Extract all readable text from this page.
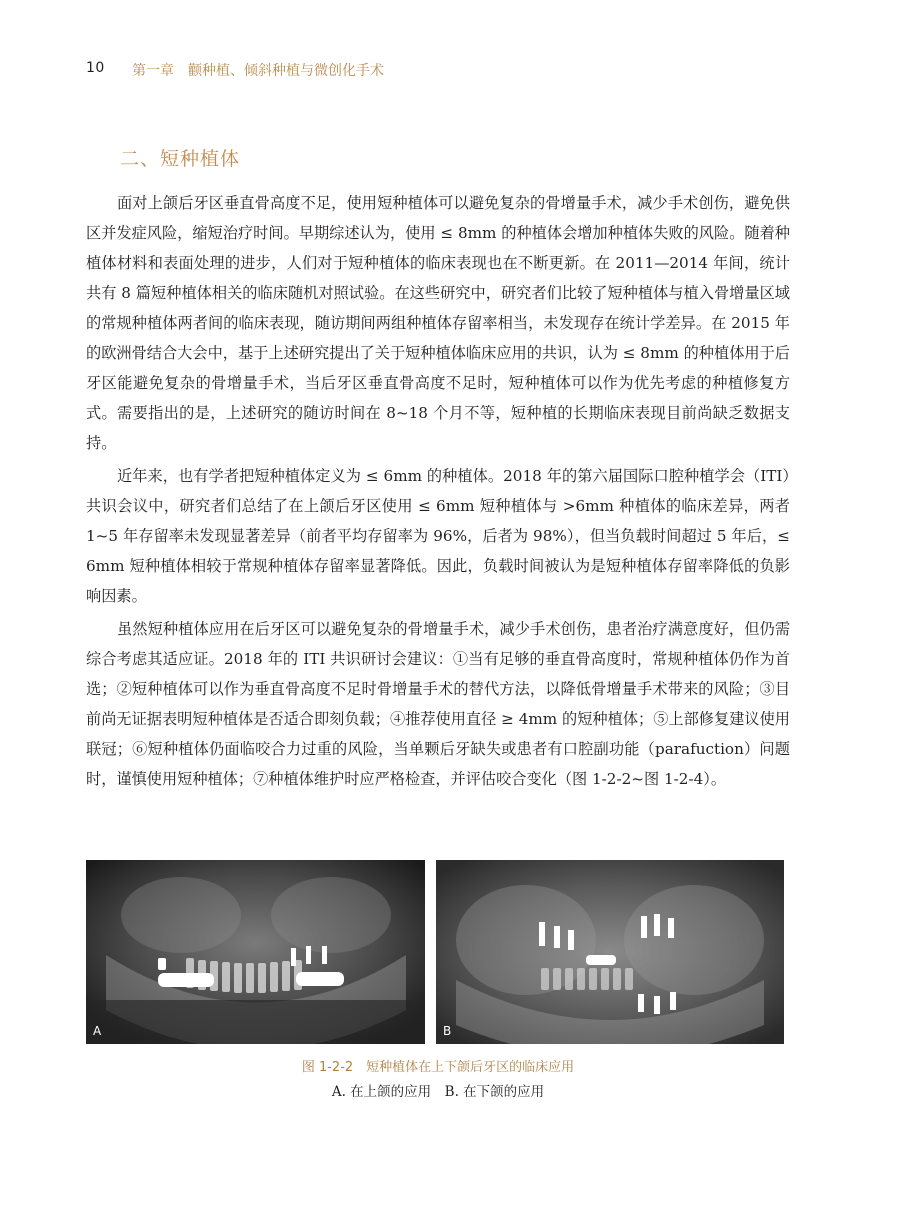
10 第一章　颧种植、倾斜种植与微创化手术
二、短种植体

面对上颌后牙区垂直骨高度不足，使用短种植体可以避免复杂的骨增量手术，减少手术创伤，避免供区并发症风险，缩短治疗时间。早期综述认为，使用 ≤ 8mm 的种植体会增加种植体失败的风险。随着种植体材料和表面处理的进步，人们对于短种植体的临床表现也在不断更新。在 2011—2014 年间，统计共有 8 篇短种植体相关的临床随机对照试验。在这些研究中，研究者们比较了短种植体与植入骨增量区域的常规种植体两者间的临床表现，随访期间两组种植体存留率相当，未发现存在统计学差异。在 2015 年的欧洲骨结合大会中，基于上述研究提出了关于短种植体临床应用的共识，认为 ≤ 8mm 的种植体用于后牙区能避免复杂的骨增量手术，当后牙区垂直骨高度不足时，短种植体可以作为优先考虑的种植修复方式。需要指出的是，上述研究的随访时间在 8~18 个月不等，短种植的长期临床表现目前尚缺乏数据支持。

近年来，也有学者把短种植体定义为 ≤ 6mm 的种植体。2018 年的第六届国际口腔种植学会（ITI）共识会议中，研究者们总结了在上颌后牙区使用 ≤ 6mm 短种植体与 >6mm 种植体的临床差异，两者 1~5 年存留率未发现显著差异（前者平均存留率为 96%，后者为 98%），但当负载时间超过 5 年后，≤ 6mm 短种植体相较于常规种植体存留率显著降低。因此，负载时间被认为是短种植体存留率降低的负影响因素。

虽然短种植体应用在后牙区可以避免复杂的骨增量手术，减少手术创伤，患者治疗满意度好，但仍需综合考虑其适应证。2018 年的 ITI 共识研讨会建议：①当有足够的垂直骨高度时，常规种植体仍作为首选；②短种植体可以作为垂直骨高度不足时骨增量手术的替代方法，以降低骨增量手术带来的风险；③目前尚无证据表明短种植体是否适合即刻负载；④推荐使用直径 ≥ 4mm 的短种植体；⑤上部修复建议使用联冠；⑥短种植体仍面临咬合力过重的风险，当单颗后牙缺失或患者有口腔副功能（parafuction）问题时，谨慎使用短种植体；⑦种植体维护时应严格检查，并评估咬合变化（图 1-2-2~图 1-2-4）。

A	B
图 1-2-2　短种植体在上下颌后牙区的临床应用
A. 在上颌的应用　B. 在下颌的应用
